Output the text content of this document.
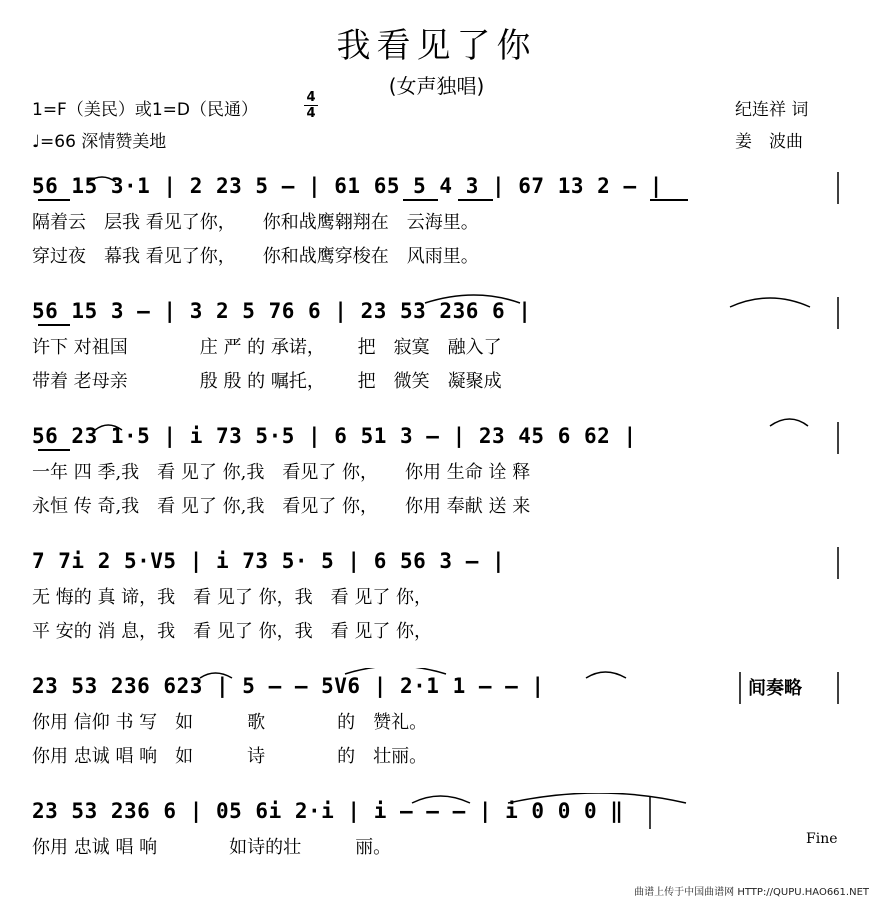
我看见了你
(女声独唱)
1=F（美民）或1=D（民通）
4
4
♩=66 深情赞美地
纪连祥 词
姜　波曲
56 15 3·1 | 2 23 5 – | 61 65 5 4 3 | 67 13 2 – |
隔着云　层我 看见了你，　　你和战鹰翱翔在　云海里。
穿过夜　幕我 看见了你，　　你和战鹰穿梭在　风雨里。
56 15 3 – | 3 2 5 76 6 | 23 53 236 6 |
许下 对祖国　　　　庄 严 的 承诺，　　 把　寂寞　融入了
带着 老母亲　　　　殷 殷 的 嘱托，　　 把　微笑　凝聚成
56 23 1·5 | i 73 5·5 | 6 51 3 – | 23 45 6 62 |
一年 四 季,我　看 见了 你,我　看见了 你，　　你用 生命 诠 释
永恒 传 奇,我　看 见了 你,我　看见了 你，　　你用 奉献 送 来
7 7i 2 5·V5 | i 73 5· 5 | 6 56 3 – |
无 悔的 真 谛，我　看 见了 你，我　看 见了 你，
平 安的 消 息，我　看 见了 你，我　看 见了 你，
23 53 236 623 | 5 – – 5V6 | 2·1 1 – – |	间奏略
你用 信仰 书 写　如　　　歌　　　　的　赞礼。
你用 忠诚 唱 响　如　　　诗　　　　的　壮丽。
23 53 236 6 | 05 6i 2·i | i – – – | i 0 0 0 ‖
Fine
你用 忠诚 唱 响　　　　如诗的壮　　　丽。
曲谱上传于中国曲谱网 HTTP://QUPU.HAO661.NET
